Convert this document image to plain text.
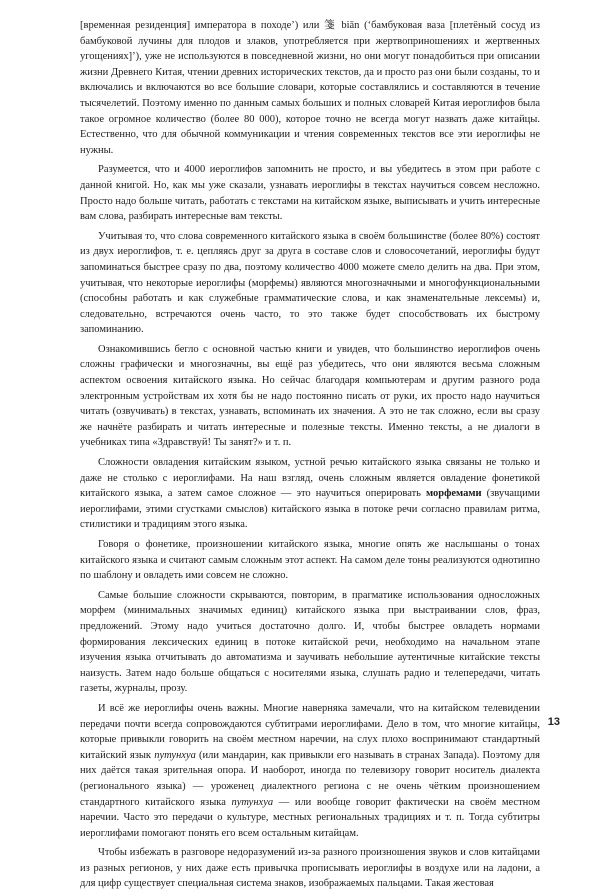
[временная резиденция] императора в походе’) или 箋 biān (‘бамбуковая ваза [плетёный сосуд из бамбуковой лучины для плодов и злаков, употребляется при жертвоприношениях и жертвенных угощениях]’), уже не используются в повседневной жизни, но они могут понадобиться при описании жизни Древнего Китая, чтении древних исторических текстов, да и просто раз они были созданы, то и включались и включаются во все большие словари, которые составлялись и составляются в течение тысячелетий. Поэтому именно по данным самых больших и полных словарей Китая иероглифов была такое огромное количество (более 80 000), которое точно не всегда могут назвать даже китайцы. Естественно, что для обычной коммуникации и чтения современных текстов все эти иероглифы не нужны.

Разумеется, что и 4000 иероглифов запомнить не просто, и вы убедитесь в этом при работе с данной книгой. Но, как мы уже сказали, узнавать иероглифы в текстах научиться совсем несложно. Просто надо больше читать, работать с текстами на китайском языке, выписывать и учить интересные вам слова, разбирать интересные вам тексты.

Учитывая то, что слова современного китайского языка в своём большинстве (более 80%) состоят из двух иероглифов, т. е. цепляясь друг за друга в составе слов и словосочетаний, иероглифы будут запоминаться быстрее сразу по два, поэтому количество 4000 можете смело делить на два. При этом, учитывая, что некоторые иероглифы (морфемы) являются многозначными и многофункциональными (способны работать и как служебные грамматические слова, и как знаменательные лексемы) и, следовательно, встречаются очень часто, то это также будет способствовать их быстрому запоминанию.

Ознакомившись бегло с основной частью книги и увидев, что большинство иероглифов очень сложны графически и многозначны, вы ещё раз убедитесь, что они являются весьма сложным аспектом освоения китайского языка. Но сейчас благодаря компьютерам и другим разного рода электронным устройствам их хотя бы не надо постоянно писать от руки, их просто надо научиться читать (озвучивать) в текстах, узнавать, вспоминать их значения. А это не так сложно, если вы сразу же начнёте разбирать и читать интересные и полезные тексты. Именно тексты, а не диалоги в учебниках типа «Здравствуй! Ты занят?» и т. п.

Сложности овладения китайским языком, устной речью китайского языка связаны не только и даже не столько с иероглифами. На наш взгляд, очень сложным является овладение фонетикой китайского языка, а затем самое сложное — это научиться оперировать морфемами (звучащими иероглифами, этими сгустками смыслов) китайского языка в потоке речи согласно правилам ритма, стилистики и традициям этого языка.

Говоря о фонетике, произношении китайского языка, многие опять же наслышаны о тонах китайского языка и считают самым сложным этот аспект. На самом деле тоны реализуются однотипно по шаблону и овладеть ими совсем не сложно.

Самые большие сложности скрываются, повторим, в прагматике использования односложных морфем (минимальных значимых единиц) китайского языка при выстраивании слов, фраз, предложений. Этому надо учиться достаточно долго. И, чтобы быстрее овладеть нормами формирования лексических единиц в потоке китайской речи, необходимо на начальном этапе изучения языка отчитывать до автоматизма и заучивать небольшие аутентичные китайские тексты наизусть. Затем надо больше общаться с носителями языка, слушать радио и телепередачи, читать газеты, журналы, прозу.

И всё же иероглифы очень важны. Многие наверняка замечали, что на китайском телевидении передачи почти всегда сопровождаются субтитрами иероглифами. Дело в том, что многие китайцы, которые привыкли говорить на своём местном наречии, на слух плохо воспринимают стандартный китайский язык путунхуа (или мандарин, как привыкли его называть в странах Запада). Поэтому для них даётся такая зрительная опора. И наоборот, иногда по телевизору говорит носитель диалекта (регионального языка) — уроженец диалектного региона с не очень чётким произношением стандартного китайского языка путунхуа — или вообще говорит фактически на своём местном наречии. Часто это передачи о культуре, местных региональных традициях и т. п. Тогда субтитры иероглифами помогают понять его всем остальным китайцам.

Чтобы избежать в разговоре недоразумений из-за разного произношения звуков и слов китайцами из разных регионов, у них даже есть привычка прописывать иероглифы в воздухе или на ладони, а для цифр существует специальная система знаков, изображаемых пальцами. Такая жестовая

13
